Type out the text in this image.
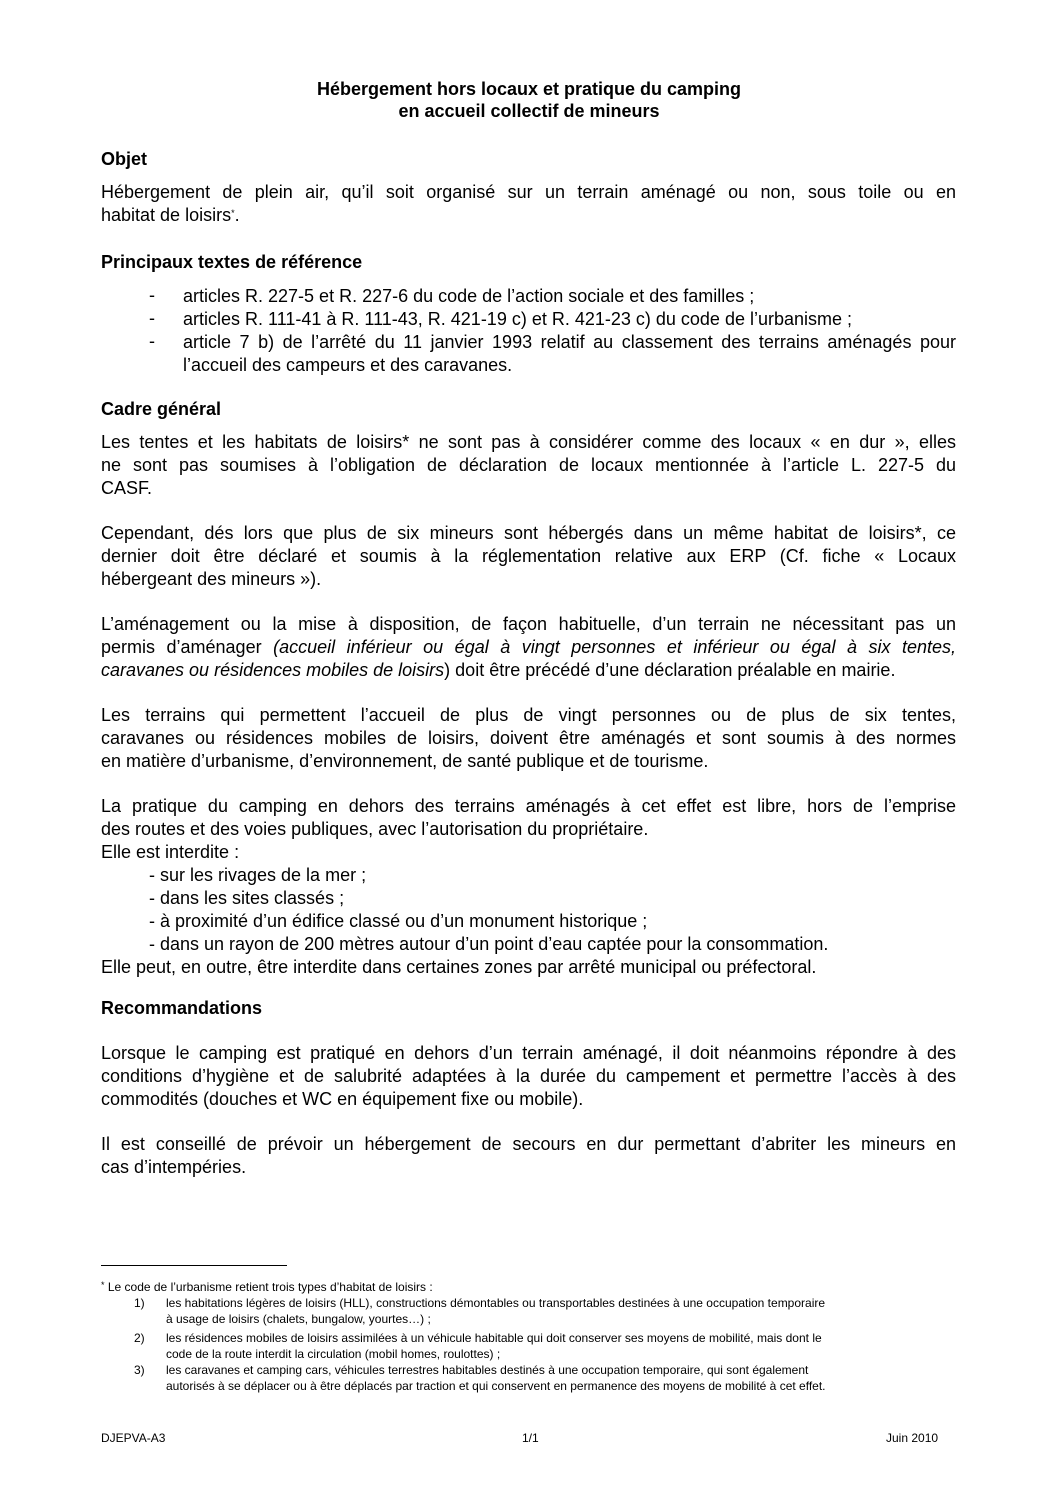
Hébergement hors locaux et pratique du camping
en accueil collectif de mineurs
Objet
Hébergement de plein air, qu’il soit organisé sur un terrain aménagé ou non, sous toile ou en
habitat de loisirs*.
Principaux textes de référence
- articles R. 227-5 et R. 227-6 du code de l’action sociale et des familles ;
- articles R. 111-41 à R. 111-43, R. 421-19 c) et R. 421-23 c) du code de l’urbanisme ;
- article 7 b) de l’arrêté du 11 janvier 1993 relatif au classement des terrains aménagés pour l’accueil des campeurs et des caravanes.
Cadre général
Les tentes et les habitats de loisirs* ne sont pas à considérer comme des locaux « en dur », elles
ne sont pas soumises à l’obligation de déclaration de locaux mentionnée à l’article L. 227-5 du
CASF.
Cependant, dés lors que plus de six mineurs sont hébergés dans un même habitat de loisirs*, ce
dernier doit être déclaré et soumis à la réglementation relative aux ERP (Cf. fiche « Locaux
hébergeant des mineurs »).
L’aménagement ou la mise à disposition, de façon habituelle, d’un terrain ne nécessitant pas un
permis d’aménager (accueil inférieur ou égal à vingt personnes et inférieur ou égal à six tentes,
caravanes ou résidences mobiles de loisirs) doit être précédé d’une déclaration préalable en mairie.
Les terrains qui permettent l’accueil de plus de vingt personnes ou de plus de six tentes,
caravanes ou résidences mobiles de loisirs, doivent être aménagés et sont soumis à des normes
en matière d’urbanisme, d’environnement, de santé publique et de tourisme.
La pratique du camping en dehors des terrains aménagés à cet effet est libre, hors de l’emprise
des routes et des voies publiques, avec l’autorisation du propriétaire.
Elle est interdite :
- sur les rivages de la mer ;
- dans les sites classés ;
- à proximité d’un édifice classé ou d’un monument historique ;
- dans un rayon de 200 mètres autour d’un point d’eau captée pour la consommation.
Elle peut, en outre, être interdite dans certaines zones par arrêté municipal ou préfectoral.
Recommandations
Lorsque le camping est pratiqué en dehors d’un terrain aménagé, il doit néanmoins répondre à des
conditions d’hygiène et de salubrité adaptées à la durée du campement et permettre l’accès à des
commodités (douches et WC en équipement fixe ou mobile).
Il est conseillé de prévoir un hébergement de secours en dur permettant d’abriter les mineurs en
cas d’intempéries.
* Le code de l’urbanisme retient trois types d’habitat de loisirs :
1) les habitations légères de loisirs (HLL), constructions démontables ou transportables destinées à une occupation temporaire
à usage de loisirs (chalets, bungalow, yourtes…) ;
2) les résidences mobiles de loisirs assimilées à un véhicule habitable qui doit conserver ses moyens de mobilité, mais dont le
code de la route interdit la circulation (mobil homes, roulottes) ;
3) les caravanes et camping cars, véhicules terrestres habitables destinés à une occupation temporaire, qui sont également
autorisés à se déplacer ou à être déplacés par traction et qui conservent en permanence des moyens de mobilité à cet effet.
DJEPVA-A3	1/1	Juin 2010
